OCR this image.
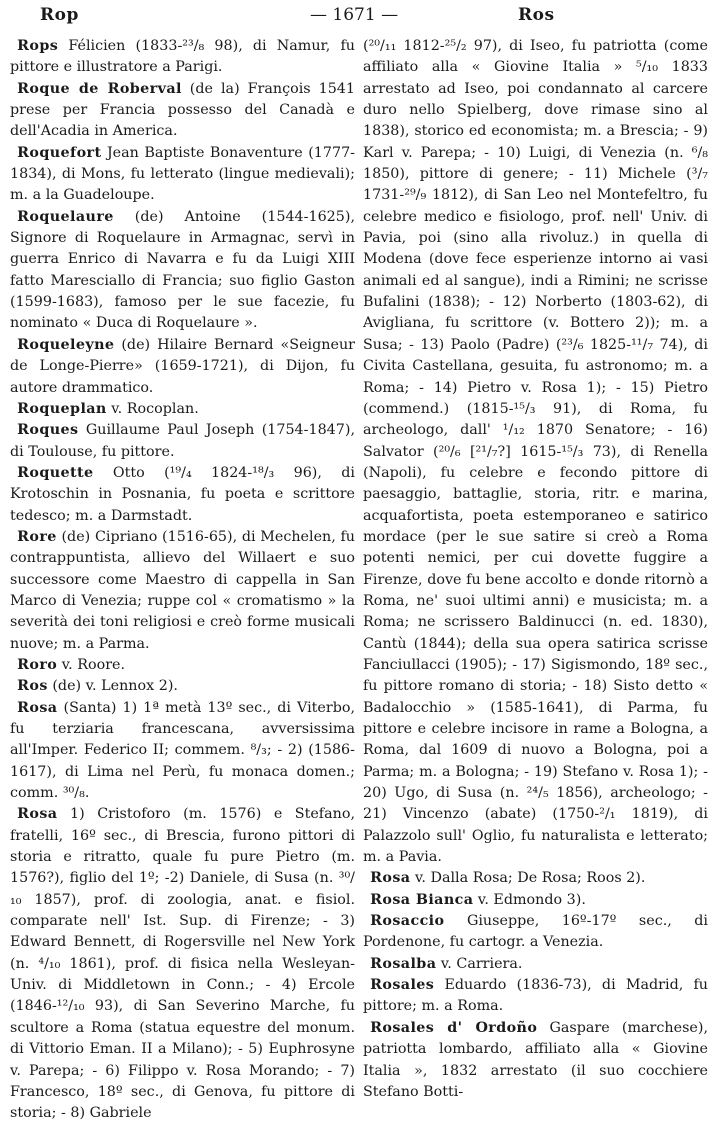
Rop	— 1671 —	Ros

Rops Félicien (1833-²³/₈ 98), di Namur, fu pittore e illustratore a Parigi.

Roque de Roberval (de la) François 1541 prese per Francia possesso del Canadà e dell'Acadia in America.

Roquefort Jean Baptiste Bonaventure (1777-1834), di Mons, fu letterato (lingue medievali); m. a la Guadeloupe.

Roquelaure (de) Antoine (1544-1625), Signore di Roquelaure in Armagnac, servì in guerra Enrico di Navarra e fu da Luigi XIII fatto Maresciallo di Francia; suo figlio Gaston (1599-1683), famoso per le sue facezie, fu nominato « Duca di Roquelaure ».

Roqueleyne (de) Hilaire Bernard «Seigneur de Longe-Pierre» (1659-1721), di Dijon, fu autore drammatico.

Roqueplan v. Rocoplan.

Roques Guillaume Paul Joseph (1754-1847), di Toulouse, fu pittore.

Roquette Otto (¹⁹/₄ 1824-¹⁸/₃ 96), di Krotoschin in Posnania, fu poeta e scrittore tedesco; m. a Darmstadt.

Rore (de) Cipriano (1516-65), di Mechelen, fu contrappuntista, allievo del Willaert e suo successore come Maestro di cappella in San Marco di Venezia; ruppe col « cromatismo » la severità dei toni religiosi e creò forme musicali nuove; m. a Parma.

Roro v. Roore.

Ros (de) v. Lennox 2).

Rosa (Santa) 1) 1ª metà 13º sec., di Viterbo, fu terziaria francescana, avversissima all'Imper. Federico II; commem. ⁸/₃; - 2) (1586-1617), di Lima nel Perù, fu monaca domen.; comm. ³⁰/₈.

Rosa 1) Cristoforo (m. 1576) e Stefano, fratelli, 16º sec., di Brescia, furono pittori di storia e ritratto, quale fu pure Pietro (m. 1576?), figlio del 1º; -2) Daniele, di Susa (n. ³⁰/₁₀ 1857), prof. di zoologia, anat. e fisiol. comparate nell' Ist. Sup. di Firenze; - 3) Edward Bennett, di Rogersville nel New York (n. ⁴/₁₀ 1861), prof. di fisica nella Wesleyan-Univ. di Middletown in Conn.; - 4) Ercole (1846-¹²/₁₀ 93), di San Severino Marche, fu scultore a Roma (statua equestre del monum. di Vittorio Eman. II a Milano); - 5) Euphrosyne v. Parepa; - 6) Filippo v. Rosa Morando; - 7) Francesco, 18º sec., di Genova, fu pittore di storia; - 8) Gabriele

(²⁰/₁₁ 1812-²⁵/₂ 97), di Iseo, fu patriotta (come affiliato alla « Giovine Italia » ⁵/₁₀ 1833 arrestato ad Iseo, poi condannato al carcere duro nello Spielberg, dove rimase sino al 1838), storico ed economista; m. a Brescia; - 9) Karl v. Parepa; - 10) Luigi, di Venezia (n. ⁶/₈ 1850), pittore di genere; - 11) Michele (³/₇ 1731-²⁹/₉ 1812), di San Leo nel Montefeltro, fu celebre medico e fisiologo, prof. nell' Univ. di Pavia, poi (sino alla rivoluz.) in quella di Modena (dove fece esperienze intorno ai vasi animali ed al sangue), indi a Rimini; ne scrisse Bufalini (1838); - 12) Norberto (1803-62), di Avigliana, fu scrittore (v. Bottero 2)); m. a Susa; - 13) Paolo (Padre) (²³/₆ 1825-¹¹/₇ 74), di Civita Castellana, gesuita, fu astronomo; m. a Roma; - 14) Pietro v. Rosa 1); - 15) Pietro (commend.) (1815-¹⁵/₃ 91), di Roma, fu archeologo, dall' ¹/₁₂ 1870 Senatore; - 16) Salvator (²⁰/₆ [²¹/₇?] 1615-¹⁵/₃ 73), di Renella (Napoli), fu celebre e fecondo pittore di paesaggio, battaglie, storia, ritr. e marina, acquafortista, poeta estemporaneo e satirico mordace (per le sue satire si creò a Roma potenti nemici, per cui dovette fuggire a Firenze, dove fu bene accolto e donde ritornò a Roma, ne' suoi ultimi anni) e musicista; m. a Roma; ne scrissero Baldinucci (n. ed. 1830), Cantù (1844); della sua opera satirica scrisse Fanciullacci (1905); - 17) Sigismondo, 18º sec., fu pittore romano di storia; - 18) Sisto detto « Badalocchio » (1585-1641), di Parma, fu pittore e celebre incisore in rame a Bologna, a Roma, dal 1609 di nuovo a Bologna, poi a Parma; m. a Bologna; - 19) Stefano v. Rosa 1); - 20) Ugo, di Susa (n. ²⁴/₅ 1856), archeologo; - 21) Vincenzo (abate) (1750-²/₁ 1819), di Palazzolo sull' Oglio, fu naturalista e letterato; m. a Pavia.

Rosa v. Dalla Rosa; De Rosa; Roos 2).

Rosa Bianca v. Edmondo 3).

Rosaccio Giuseppe, 16º-17º sec., di Pordenone, fu cartogr. a Venezia.

Rosalba v. Carriera.

Rosales Eduardo (1836-73), di Madrid, fu pittore; m. a Roma.

Rosales d' Ordoño Gaspare (marchese), patriotta lombardo, affiliato alla « Giovine Italia », 1832 arrestato (il suo cocchiere Stefano Botti-
